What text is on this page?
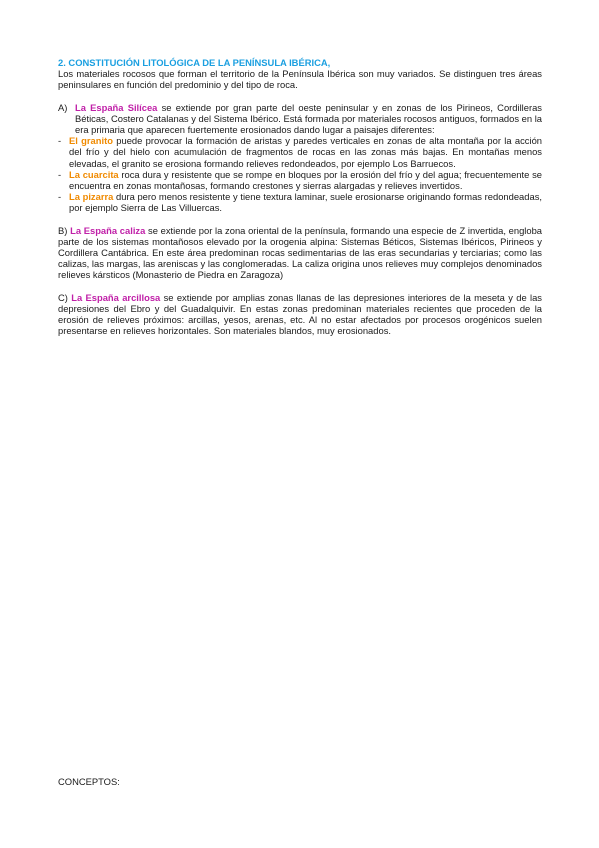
2. CONSTITUCIÓN LITOLÓGICA DE LA PENÍNSULA IBÉRICA,
Los materiales rocosos que forman el territorio de la Península Ibérica son muy variados. Se distinguen tres áreas peninsulares en función del predominio y del tipo de roca.
A) La España Silícea se extiende por gran parte del oeste peninsular y en zonas de los Pirineos, Cordilleras Béticas, Costero Catalanas y del Sistema Ibérico. Está formada por materiales rocosos antiguos, formados en la era primaria que aparecen fuertemente erosionados dando lugar a paisajes diferentes:
- El granito puede provocar la formación de aristas y paredes verticales en zonas de alta montaña por la acción del frío y del hielo con acumulación de fragmentos de rocas en las zonas más bajas. En montañas menos elevadas, el granito se erosiona formando relieves redondeados, por ejemplo Los Barruecos.
- La cuarcita roca dura y resistente que se rompe en bloques por la erosión del frío y del agua; frecuentemente se encuentra en zonas montañosas, formando crestones y sierras alargadas y relieves invertidos.
- La pizarra dura pero menos resistente y tiene textura laminar, suele erosionarse originando formas redondeadas, por ejemplo Sierra de Las Villuercas.
B) La España caliza se extiende por la zona oriental de la península, formando una especie de Z invertida, engloba parte de los sistemas montañosos elevado por la orogenia alpina: Sistemas Béticos, Sistemas Ibéricos, Pirineos y Cordillera Cantábrica. En este área predominan rocas sedimentarias de las eras secundarias y terciarias; como las calizas, las margas, las areniscas y las conglomeradas. La caliza origina unos relieves muy complejos denominados relieves kársticos (Monasterio de Piedra en Zaragoza)
C) La España arcillosa se extiende por amplias zonas llanas de las depresiones interiores de la meseta y de las depresiones del Ebro y del Guadalquivir. En estas zonas predominan materiales recientes que proceden de la erosión de relieves próximos: arcillas, yesos, arenas, etc. Al no estar afectados por procesos orogénicos suelen presentarse en relieves horizontales. Son materiales blandos, muy erosionados.
CONCEPTOS:
